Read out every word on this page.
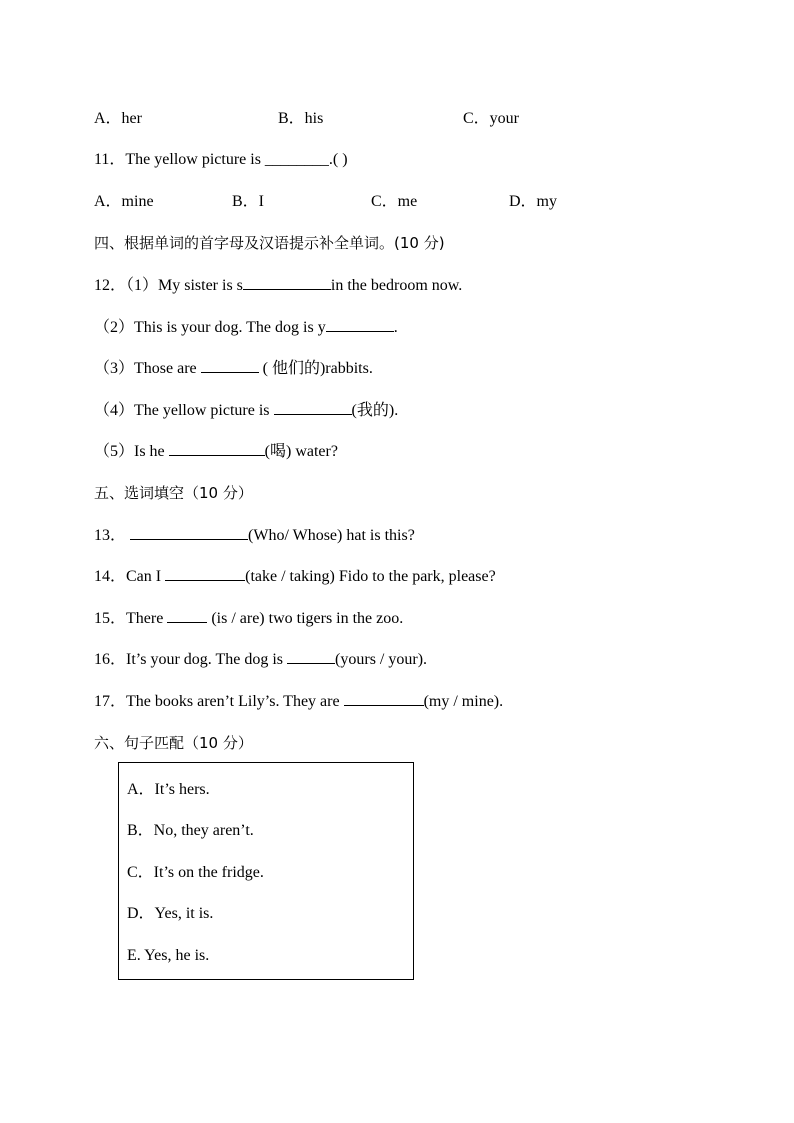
A．her	B．his	C．your
11．The yellow picture is ________.( )
A．mine	B．I	C．me	D．my
四、根据单词的首字母及汉语提示补全单词。(10 分)
12．（1）My sister is s	in the bedroom now.
（2）This is your dog. The dog is y	.
（3）Those are	( 他们的)rabbits.
（4）The yellow picture is	(我的).
（5）Is he	(喝) water?
五、选词填空（10 分）
13．	(Who/ Whose) hat is this?
14．Can I	(take / taking) Fido to the park, please?
15．There	(is / are) two tigers in the zoo.
16．It’s your dog. The dog is	(yours / your).
17．The books aren’t Lily’s. They are	(my / mine).
六、句子匹配（10 分）
A．It’s hers.
B．No, they aren’t.
C．It’s on the fridge.
D．Yes, it is.
E. Yes, he is.
